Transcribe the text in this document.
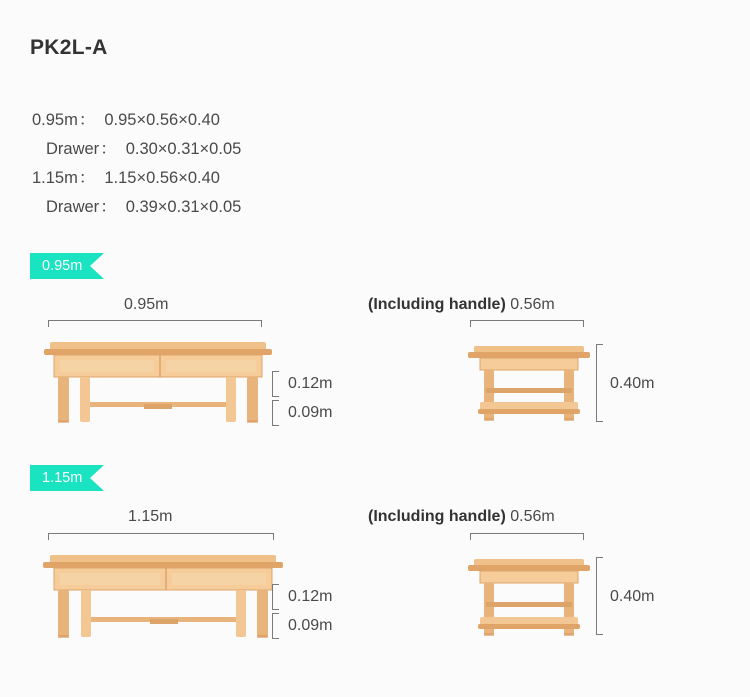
PK2L-A
0.95m： 0.95×0.56×0.40
Drawer： 0.30×0.31×0.05
1.15m： 1.15×0.56×0.40
Drawer： 0.39×0.31×0.05
0.95m
0.95m
0.12m
0.09m
(Including handle) 0.56m
0.40m
1.15m
1.15m
0.12m
0.09m
(Including handle) 0.56m
0.40m
